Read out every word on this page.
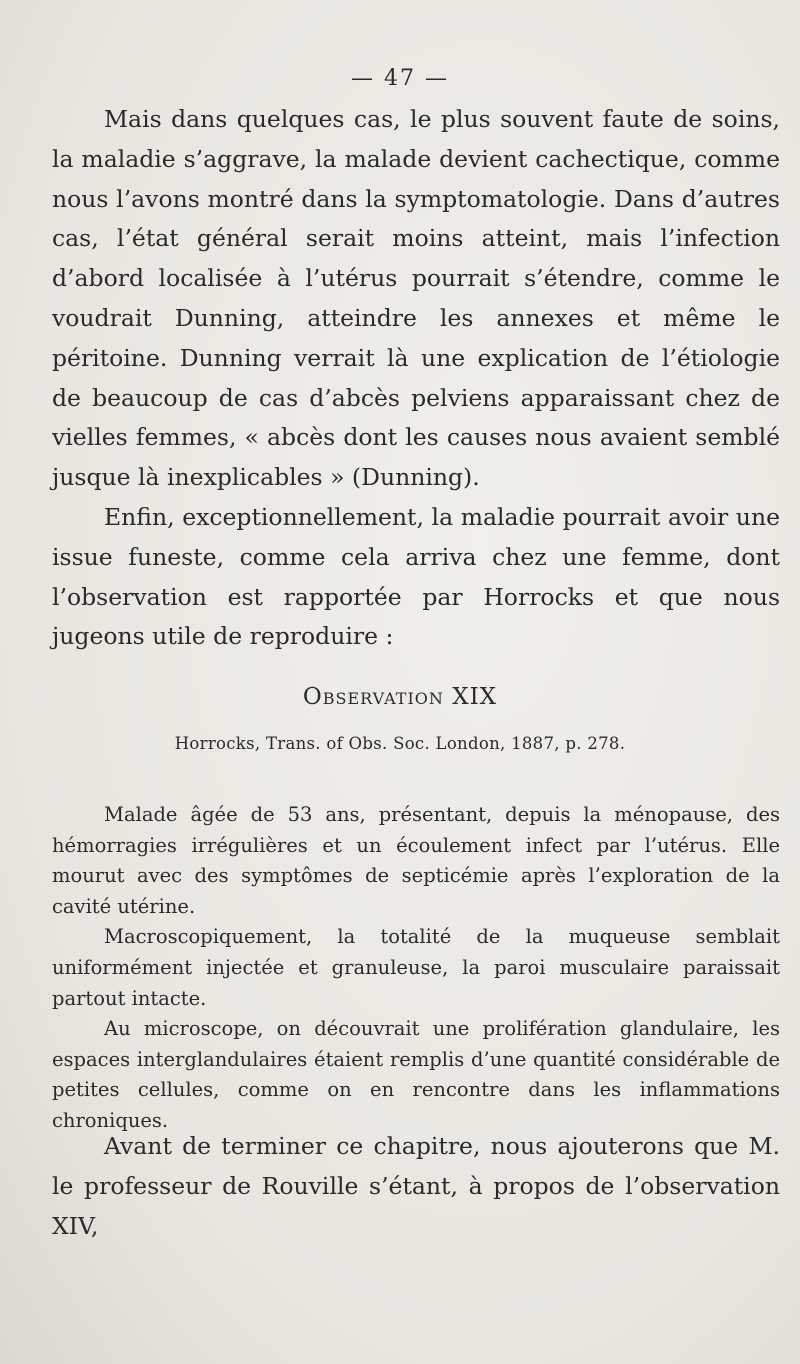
— 47 —

Mais dans quelques cas, le plus souvent faute de soins, la maladie s’aggrave, la malade devient cachectique, comme nous l’avons montré dans la symptomatologie. Dans d’autres cas, l’état général serait moins atteint, mais l’infection d’abord localisée à l’utérus pourrait s’étendre, comme le voudrait Dunning, atteindre les annexes et même le péritoine. Dunning verrait là une explication de l’étiologie de beaucoup de cas d’abcès pelviens apparaissant chez de vielles femmes, « abcès dont les causes nous avaient semblé jusque là inexplicables » (Dunning).

Enfin, exceptionnellement, la maladie pourrait avoir une issue funeste, comme cela arriva chez une femme, dont l’observation est rapportée par Horrocks et que nous jugeons utile de reproduire :

Observation XIX
Horrocks, Trans. of Obs. Soc. London, 1887, p. 278.

Malade âgée de 53 ans, présentant, depuis la ménopause, des hémorragies irrégulières et un écoulement infect par l’utérus. Elle mourut avec des symptômes de septicémie après l’exploration de la cavité utérine.

Macroscopiquement, la totalité de la muqueuse semblait uniformément injectée et granuleuse, la paroi musculaire paraissait partout intacte.

Au microscope, on découvrait une prolifération glandulaire, les espaces interglandulaires étaient remplis d’une quantité considérable de petites cellules, comme on en rencontre dans les inflammations chroniques.

Avant de terminer ce chapitre, nous ajouterons que M. le professeur de Rouville s’étant, à propos de l’observation XIV,
